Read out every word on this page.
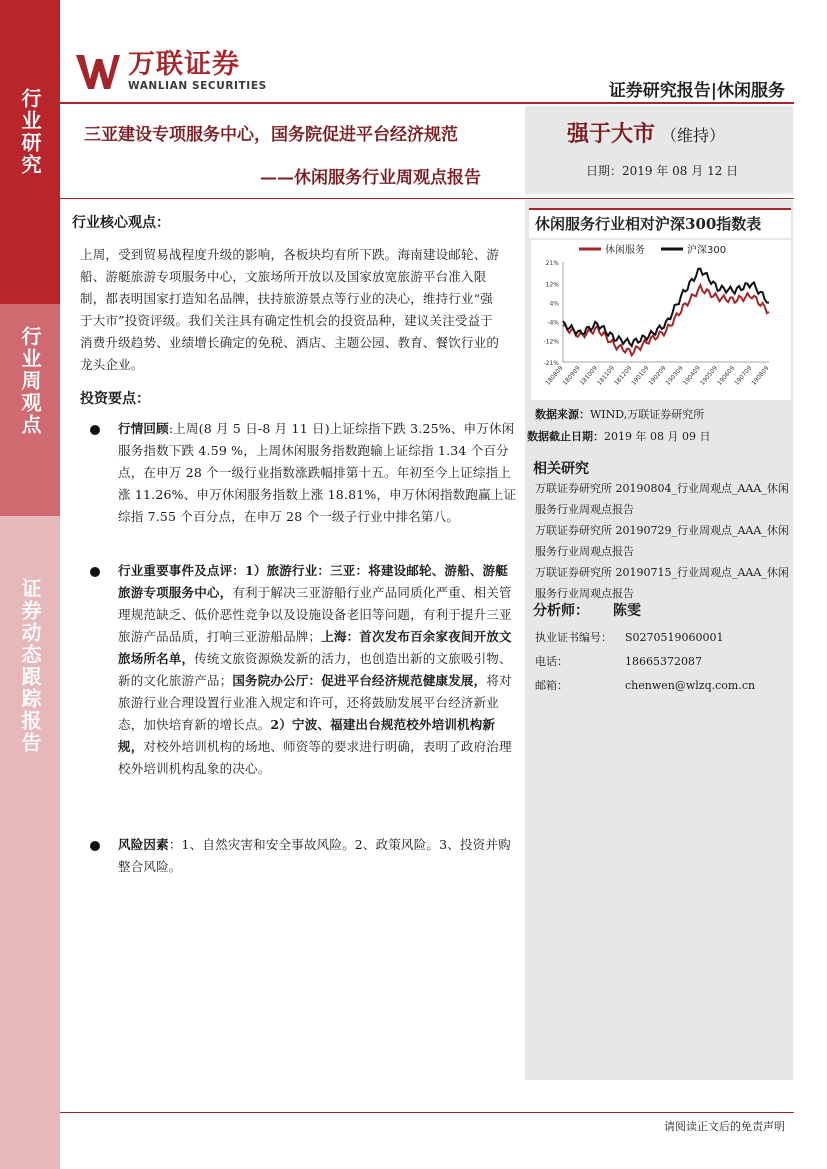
行业研究
行业周观点
证券动态跟踪报告
万联证券
WANLIAN SECURITIES	证券研究报告|休闲服务
三亚建设专项服务中心，国务院促进平台经济规范
——休闲服务行业周观点报告
强于大市 （维持）
日期：2019 年 08 月 12 日
休闲服务行业相对沪深300指数表
休闲服务	沪深300
21%
12%
4%
-4%
-12%
-21%
180809
180909
181009
181109
181209
190109
190209
190309
190409
190509
190609
190709
190809
数据来源：WIND,万联证券研究所
数据截止日期：2019 年 08 月 09 日
相关研究

万联证券研究所 20190804_行业周观点_AAA_休闲服务行业周观点报告

万联证券研究所 20190729_行业周观点_AAA_休闲服务行业周观点报告

万联证券研究所 20190715_行业周观点_AAA_休闲服务行业周观点报告

分析师： 陈雯
执业证书编号： S0270519060001
电话：	18665372087
邮箱：	chenwen@wlzq.com.cn
行业核心观点：
上周，受到贸易战程度升级的影响，各板块均有所下跌。海南建设邮轮、游船、游艇旅游专项服务中心，文旅场所开放以及国家放宽旅游平台准入限制，都表明国家打造知名品牌，扶持旅游景点等行业的决心，维持行业“强于大市”投资评级。我们关注具有确定性机会的投资品种，建议关注受益于消费升级趋势、业绩增长确定的免税、酒店、主题公园、教育、餐饮行业的龙头企业。
投资要点：
行情回顾:上周(8 月 5 日-8 月 11 日)上证综指下跌 3.25%、申万休闲服务指数下跌 4.59 %，上周休闲服务指数跑输上证综指 1.34 个百分点，在申万 28 个一级行业指数涨跌幅排第十五。年初至今上证综指上涨 11.26%、申万休闲服务指数上涨 18.81%，申万休闲指数跑赢上证综指 7.55 个百分点，在申万 28 个一级子行业中排名第八。
行业重要事件及点评：1）旅游行业：三亚：将建设邮轮、游船、游艇旅游专项服务中心，有利于解决三亚游船行业产品同质化严重、相关管理规范缺乏、低价恶性竞争以及设施设备老旧等问题，有利于提升三亚旅游产品品质，打响三亚游船品牌；上海：首次发布百余家夜间开放文旅场所名单，传统文旅资源焕发新的活力，也创造出新的文旅吸引物、新的文化旅游产品；国务院办公厅：促进平台经济规范健康发展，将对旅游行业合理设置行业准入规定和许可，还将鼓励发展平台经济新业态，加快培育新的增长点。2）宁波、福建出台规范校外培训机构新规，对校外培训机构的场地、师资等的要求进行明确，表明了政府治理校外培训机构乱象的决心。
风险因素：1、自然灾害和安全事故风险。2、政策风险。3、投资并购整合风险。
请阅读正文后的免责声明
